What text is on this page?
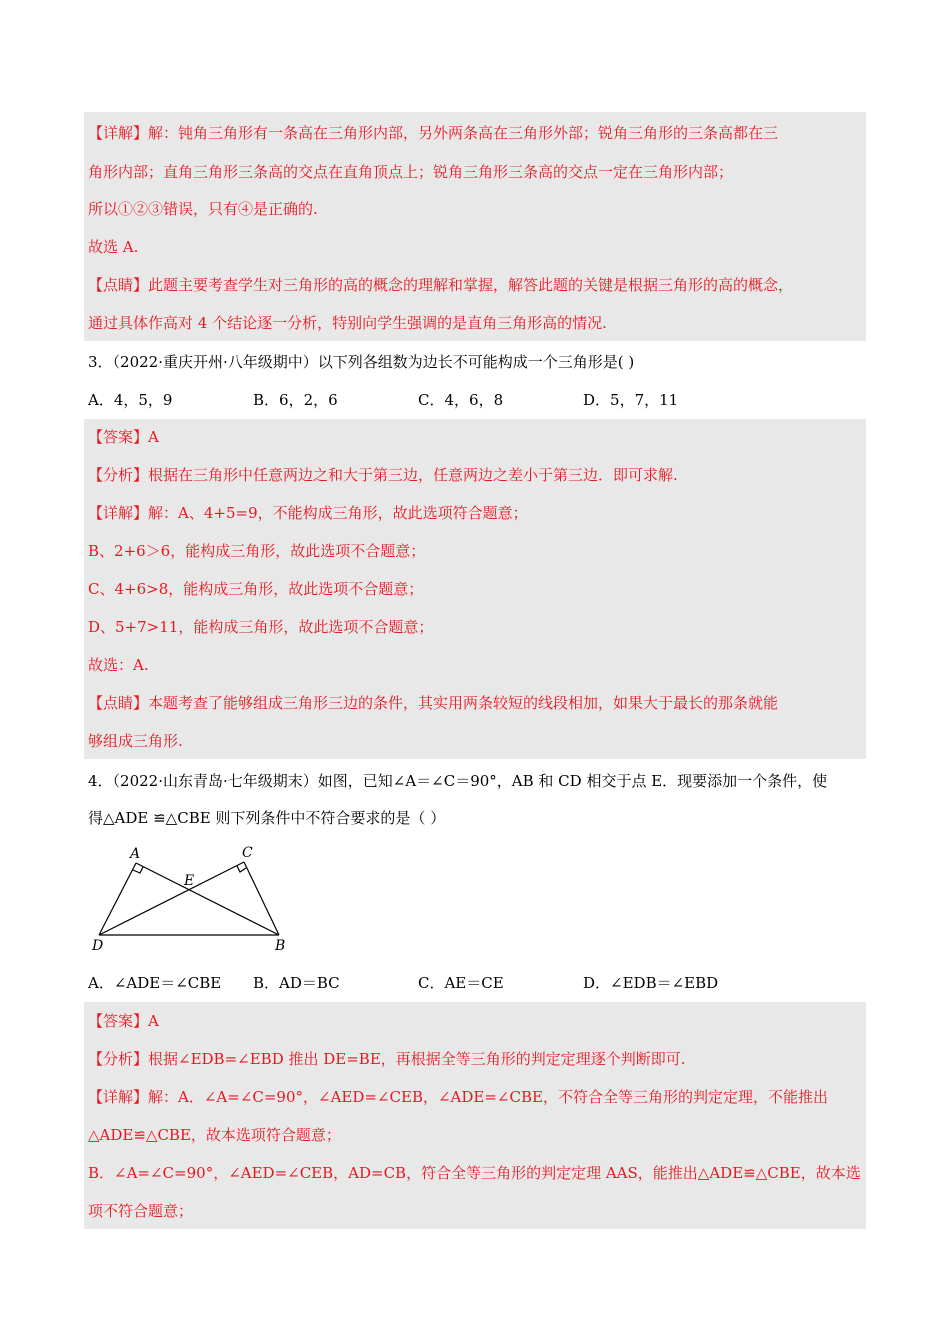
【详解】解：钝角三角形有一条高在三角形内部，另外两条高在三角形外部；锐角三角形的三条高都在三
角形内部；直角三角形三条高的交点在直角顶点上；锐角三角形三条高的交点一定在三角形内部；
所以①②③错误，只有④是正确的.
故选 A.
【点睛】此题主要考查学生对三角形的高的概念的理解和掌握，解答此题的关键是根据三角形的高的概念，
通过具体作高对 4 个结论逐一分析，特别向学生强调的是直角三角形高的情况.
3．（2022·重庆开州·八年级期中）以下列各组数为边长不可能构成一个三角形是( )
A．4，5，9	B．6，2，6	C．4，6，8	D．5，7，11
【答案】A
【分析】根据在三角形中任意两边之和大于第三边，任意两边之差小于第三边．即可求解.
【详解】解：A、4+5=9，不能构成三角形，故此选项符合题意；
B、2+6＞6，能构成三角形，故此选项不合题意；
C、4+6>8，能构成三角形，故此选项不合题意；
D、5+7>11，能构成三角形，故此选项不合题意；
故选：A.
【点睛】本题考查了能够组成三角形三边的条件，其实用两条较短的线段相加，如果大于最长的那条就能
够组成三角形.
4．（2022·山东青岛·七年级期末）如图，已知∠A＝∠C＝90°，AB 和 CD 相交于点 E．现要添加一个条件，使
得△ADE ≌△CBE 则下列条件中不符合要求的是（ ）
A	C
E
D	B
A．∠ADE＝∠CBE B．AD＝BC	C．AE＝CE	D．∠EDB＝∠EBD
【答案】A
【分析】根据∠EDB=∠EBD 推出 DE=BE，再根据全等三角形的判定定理逐个判断即可.
【详解】解：A．∠A=∠C=90°，∠AED=∠CEB，∠ADE=∠CBE，不符合全等三角形的判定定理，不能推出
△ADE≌△CBE，故本选项符合题意；
B．∠A=∠C=90°，∠AED=∠CEB，AD=CB，符合全等三角形的判定定理 AAS，能推出△ADE≌△CBE，故本选
项不符合题意；
